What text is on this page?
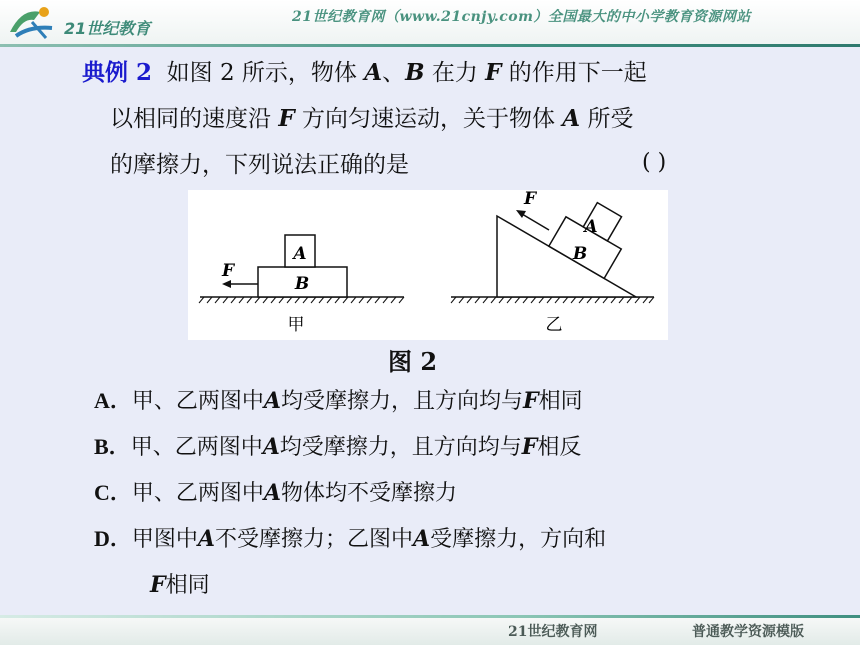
21世纪教育
21世纪教育网（www.21cnjy.com）全国最大的中小学教育资源网站
典例 2 如图 2 所示，物体 A、B 在力 F 的作用下一起
以相同的速度沿 F 方向匀速运动，关于物体 A 所受
的摩擦力，下列说法正确的是	( )
A
B
F
甲
A
B
F
乙
图 2
A．甲、乙两图中A均受摩擦力，且方向均与F相同
B．甲、乙两图中A均受摩擦力，且方向均与F相反
C．甲、乙两图中A物体均不受摩擦力
D．甲图中A不受摩擦力；乙图中A受摩擦力，方向和
F相同
21世纪教育网	普通教学资源模版
